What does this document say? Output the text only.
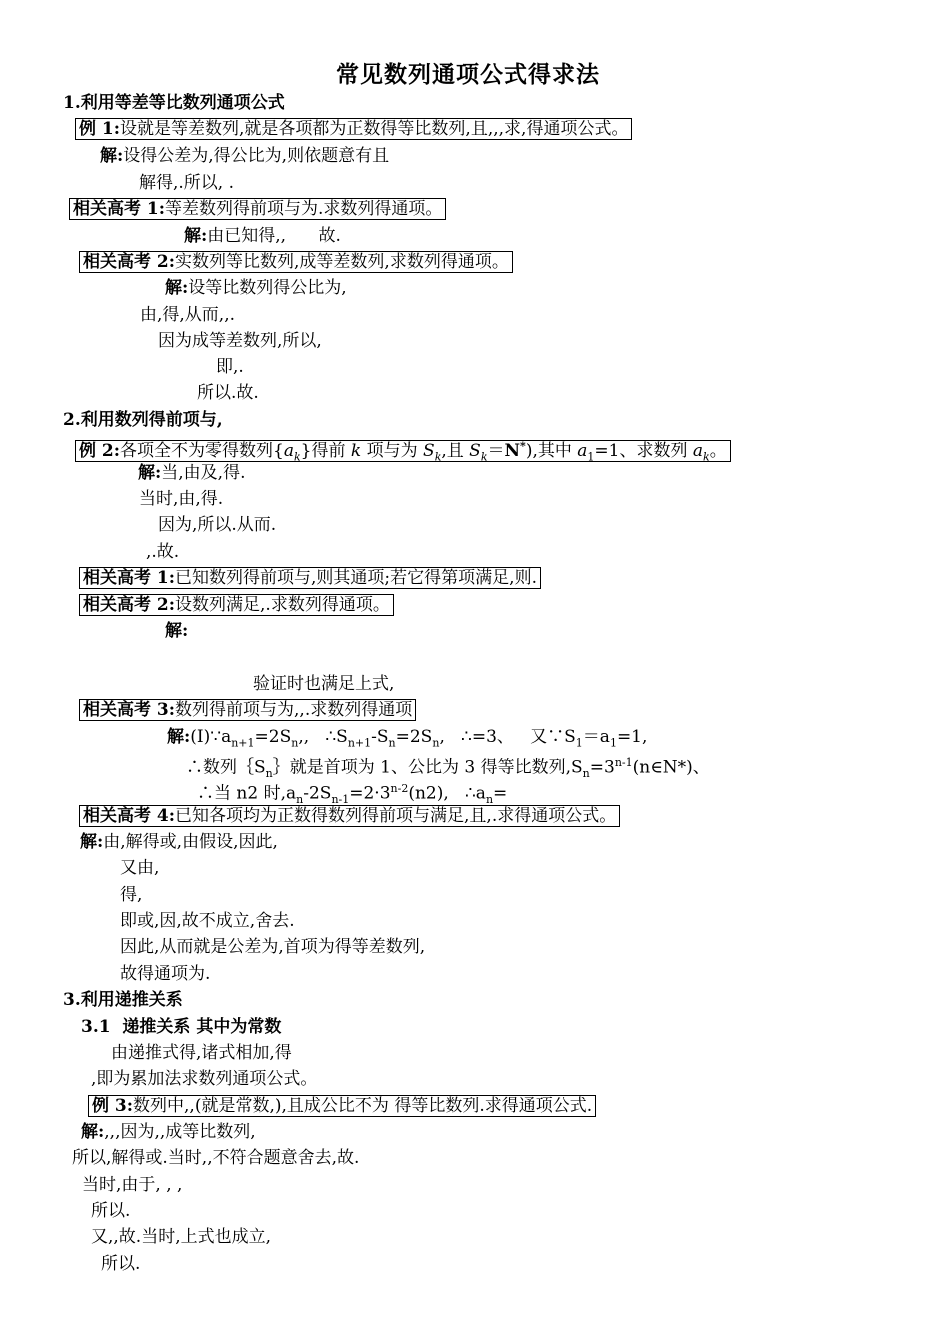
常见数列通项公式得求法
1.利用等差等比数列通项公式
例 1:设就是等差数列,就是各项都为正数得等比数列,且,,,求,得通项公式。
解:设得公差为,得公比为,则依题意有且
解得,.所以, .
相关高考 1:等差数列得前项与为.求数列得通项。
解:由已知得,,      故.
相关高考 2:实数列等比数列,成等差数列,求数列得通项。
解:设等比数列得公比为,
由,得,从而,,.
因为成等差数列,所以,
即,.
所以.故.
2.利用数列得前项与,
例 2:各项全不为零得数列$\{a_k\}$得前 k 项与为 $S_k$,且 $S_k=N^*$),其中 $a_1=1$、求数列 $a_k$。
解:当,由及,得.
当时,由,得.
因为,所以.从而.
,.故.
相关高考 1:已知数列得前项与,则其通项;若它得第项满足,则.
相关高考 2:设数列满足,.求数列得通项。
解:
验证时也满足上式,
相关高考 3:数列得前项与为,,.求数列得通项
解$:(I)\because a_{n+1}=2S_n$,,   $\therefore S_{n+1}-S_n=2S_n$,   ∴=3、   又$\because S_1=a_1=1$,
∴数列$\{S_n\}$就是首项为 1、公比为 3 得等比数列$,S_n=3^{n-1}(n\in N*)$、
∴当 n2 时$,a_n-2S_{n-1}=2\cdot 3^{n-2}(n2)$,   $\therefore a_n=$
相关高考 4:已知各项均为正数得数列得前项与满足,且,.求得通项公式。
解:由,解得或,由假设,因此,
又由,
得,
即或,因,故不成立,舍去.
因此,从而就是公差为,首项为得等差数列,
故得通项为.
3.利用递推关系
3.1  递推关系 其中为常数
由递推式得,诸式相加,得
,即为累加法求数列通项公式。
例 3:数列中,,(就是常数,),且成公比不为 得等比数列.求得通项公式.
解:,,,因为,,成等比数列,
所以,解得或.当时,,不符合题意舍去,故.
当时,由于, , ,
所以.
又,,故.当时,上式也成立,
所以.
